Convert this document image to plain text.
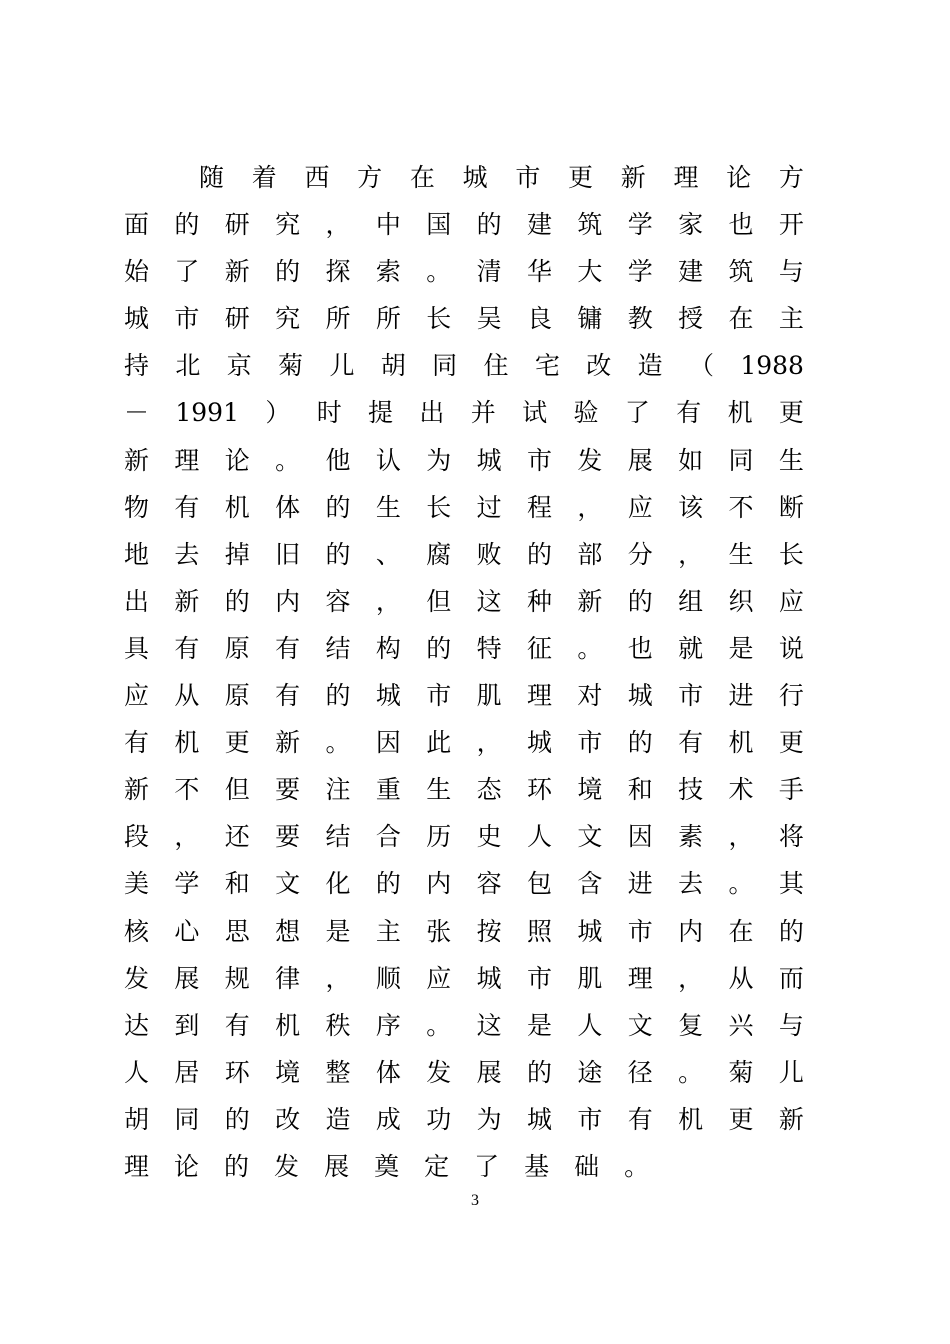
随 着 西 方 在 城 市 更 新 理 论 方
面 的 研 究 ， 中 国 的 建 筑 学 家 也 开
始 了 新 的 探 索 。 清 华 大 学 建 筑 与
城 市 研 究 所 所 长 吴 良 镛 教 授 在 主
持 北 京 菊 儿 胡 同 住 宅 改 造 （ 1988
－ 1991 ） 时 提 出 并 试 验 了 有 机 更
新 理 论 。 他 认 为 城 市 发 展 如 同 生
物 有 机 体 的 生 长 过 程 ， 应 该 不 断
地 去 掉 旧 的 、 腐 败 的 部 分 ， 生 长
出 新 的 内 容 ， 但 这 种 新 的 组 织 应
具 有 原 有 结 构 的 特 征 。 也 就 是 说
应 从 原 有 的 城 市 肌 理 对 城 市 进 行
有 机 更 新 。 因 此 ， 城 市 的 有 机 更
新 不 但 要 注 重 生 态 环 境 和 技 术 手
段 ， 还 要 结 合 历 史 人 文 因 素 ， 将
美 学 和 文 化 的 内 容 包 含 进 去 。 其
核 心 思 想 是 主 张 按 照 城 市 内 在 的
发 展 规 律 ， 顺 应 城 市 肌 理 ， 从 而
达 到 有 机 秩 序 。 这 是 人 文 复 兴 与
人 居 环 境 整 体 发 展 的 途 径 。 菊 儿
胡 同 的 改 造 成 功 为 城 市 有 机 更 新
理 论 的 发 展 奠 定 了 基 础 。
3
